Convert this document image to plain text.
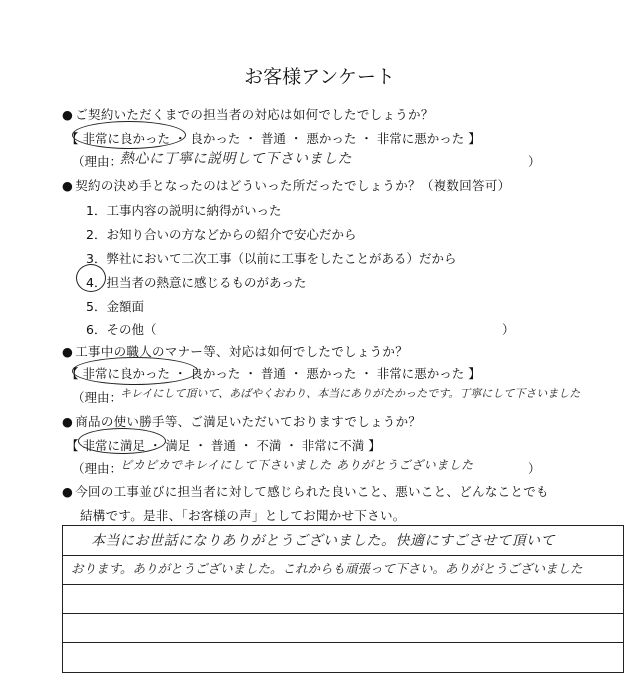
お客様アンケート
● ご契約いただくまでの担当者の対応は如何でしたでしょうか？
【 非常に良かった ・ 良かった ・ 普通 ・ 悪かった ・ 非常に悪かった 】
（理由：
熱心に丁寧に説明して下さいました	）
● 契約の決め手となったのはどういった所だったでしょうか？（複数回答可）
1．工事内容の説明に納得がいった
2．お知り合いの方などからの紹介で安心だから
3．弊社において二次工事（以前に工事をしたことがある）だから
4．担当者の熱意に感じるものがあった
5．金額面
6．その他（	）
● 工事中の職人のマナー等、対応は如何でしたでしょうか？
【 非常に良かった ・ 良かった ・ 普通 ・ 悪かった ・ 非常に悪かった 】
（理由：
キレイにして頂いて、あばやくおわり、本当にありがたかったです。丁寧にして下さいました
● 商品の使い勝手等、ご満足いただいておりますでしょうか？
【 非常に満足 ・ 満足 ・ 普通 ・ 不満 ・ 非常に不満 】
（理由：
ピカピカでキレイにして下さいました ありがとうございました	）
● 今回の工事並びに担当者に対して感じられた良いこと、悪いこと、どんなことでも
結構です。是非、「お客様の声」としてお聞かせ下さい。
本当にお世話になりありがとうございました。快適にすごさせて頂いて
おります。ありがとうございました。これからも頑張って下さい。ありがとうございました
